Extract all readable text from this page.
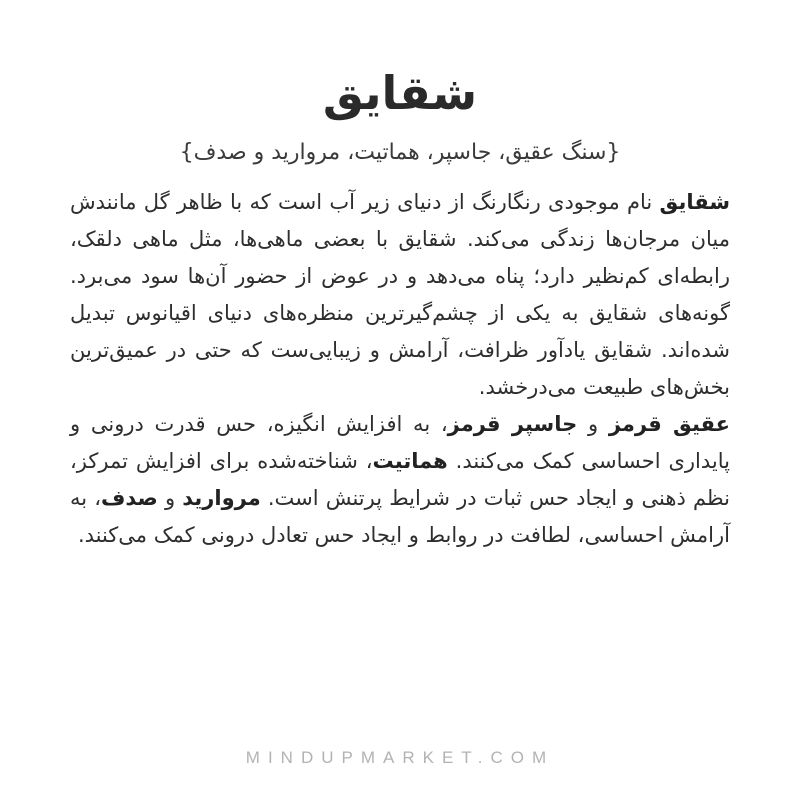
شقایق
{سنگ عقیق، جاسپر، هماتیت، مروارید و صدف}

شقایق نام موجودی رنگارنگ از دنیای زیر آب است که با ظاهر گل مانندش میان مرجان‌ها زندگی می‌کند. شقایق با بعضی ماهی‌ها، مثل ماهی دلقک، رابطه‌ای کم‌نظیر دارد؛ پناه می‌دهد و در عوض از حضور آن‌ها سود می‌برد. گونه‌های شقایق به یکی از چشم‌گیرترین منظره‌های دنیای اقیانوس تبدیل شده‌اند. شقایق یادآور ظرافت، آرامش و زیبایی‌ست که حتی در عمیق‌ترین بخش‌های طبیعت می‌درخشد.

عقیق قرمز و جاسپر قرمز، به افزایش انگیزه، حس قدرت درونی و پایداری احساسی کمک می‌کنند. هماتیت، شناخته‌شده برای افزایش تمرکز، نظم ذهنی و ایجاد حس ثبات در شرایط پرتنش است. مروارید و صدف، به آرامش احساسی، لطافت در روابط و ایجاد حس تعادل درونی کمک می‌کنند.

MINDUPMARKET.COM
